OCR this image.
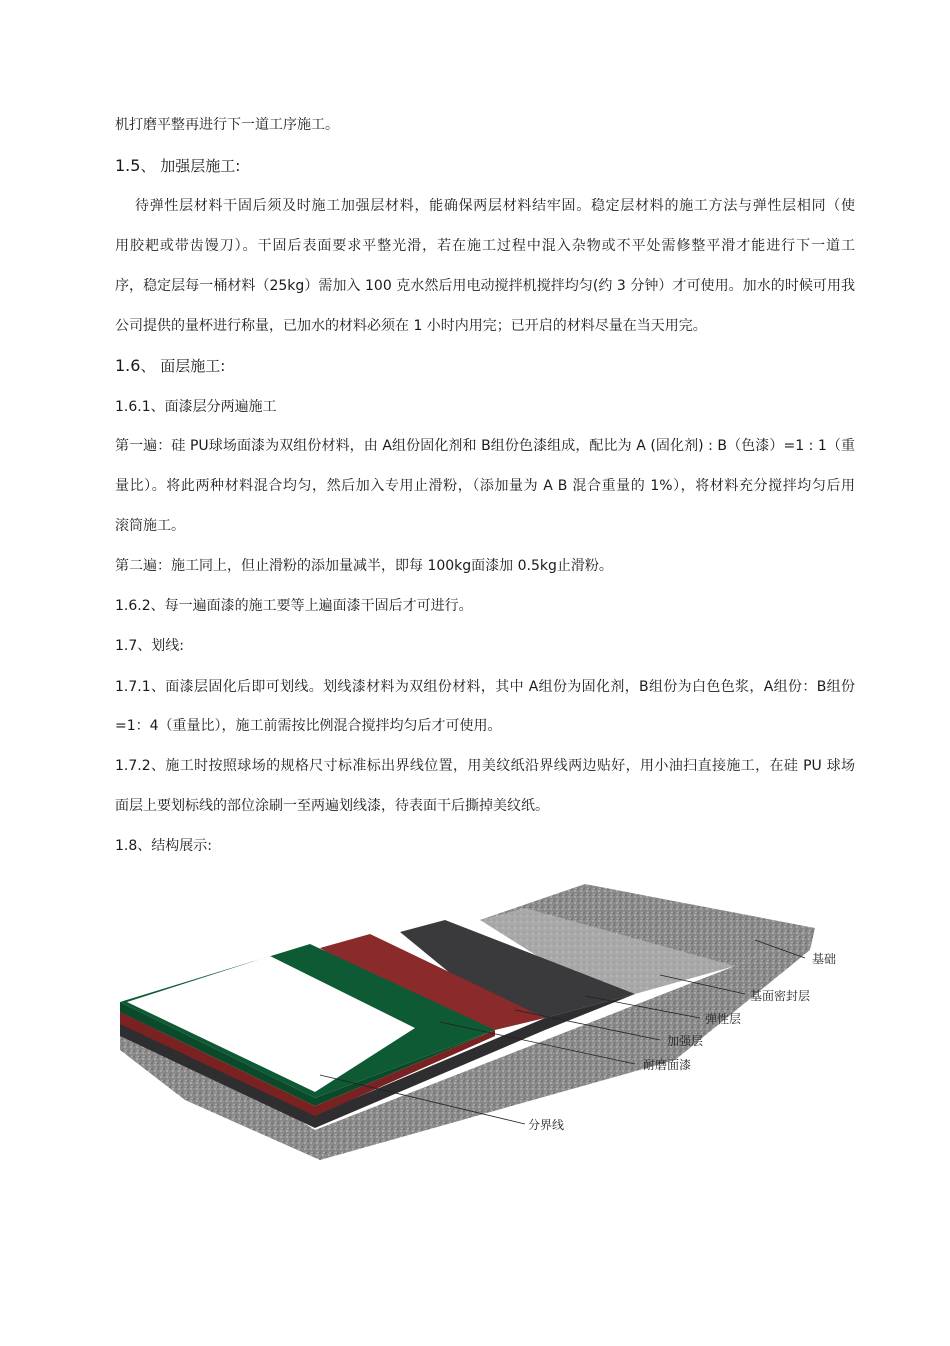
机打磨平整再进行下一道工序施工。
1.5、 加强层施工:
待弹性层材料干固后须及时施工加强层材料，能确保两层材料结牢固。稳定层材料的施工方法与弹性层相同（使
用胶耙或带齿馒刀）。干固后表面要求平整光滑，若在施工过程中混入杂物或不平处需修整平滑才能进行下一道工
序，稳定层每一桶材料（25kg）需加入 100 克水然后用电动搅拌机搅拌均匀(约 3 分钟）才可使用。加水的时候可用我
公司提供的量杯进行称量，已加水的材料必须在 1 小时内用完；已开启的材料尽量在当天用完。
1.6、 面层施工:
1.6.1、面漆层分两遍施工
第一遍：硅 PU球场面漆为双组份材料，由 A组份固化剂和 B组份色漆组成，配比为 A (固化剂) : B（色漆）=1 : 1（重
量比）。将此两种材料混合均匀，然后加入专用止滑粉，（添加量为 A B 混合重量的 1%），将材料充分搅拌均匀后用
滚筒施工。
第二遍：施工同上，但止滑粉的添加量减半，即每 100kg面漆加 0.5kg止滑粉。
1.6.2、每一遍面漆的施工要等上遍面漆干固后才可进行。
1.7、划线:
1.7.1、面漆层固化后即可划线。划线漆材料为双组份材料，其中 A组份为固化剂，B组份为白色色浆，A组份：B组份
=1：4（重量比），施工前需按比例混合搅拌均匀后才可使用。
1.7.2、施工时按照球场的规格尺寸标准标出界线位置，用美纹纸沿界线两边贴好，用小油扫直接施工，在硅 PU 球场
面层上要划标线的部位涂刷一至两遍划线漆，待表面干后撕掉美纹纸。
1.8、结构展示:
基础
基面密封层
弹性层
加强层
耐磨面漆
分界线
